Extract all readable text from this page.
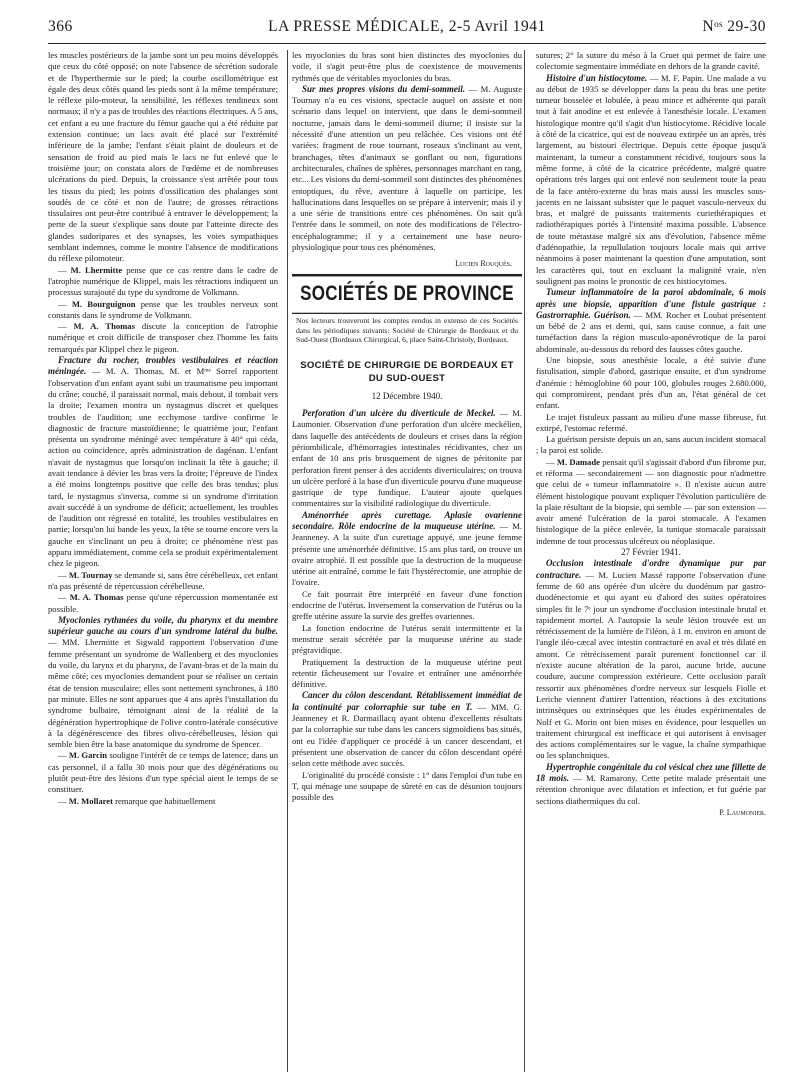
366	LA PRESSE MÉDICALE, 2-5 Avril 1941	Nᵒˢ 29-30

les muscles postérieurs de la jambe sont un peu moins développés que ceux du côté opposé; on note l'absence de sécrétion sudorale et de l'hyperthermie sur le pied; la courbe oscillométrique est égale des deux côtés quand les pieds sont à la même température; le réflexe pilo-moteur, la sensibilité, les réflexes tendineux sont normaux; il n'y a pas de troubles des réactions électriques. A 5 ans, cet enfant a eu une fracture du fémur gauche qui a été réduite par extension continue; un lacs avait été placé sur l'extrémité inférieure de la jambe; l'enfant s'était plaint de douleurs et de sensation de froid au pied mais le lacs ne fut enlevé que le troisième jour; on constata alors de l'œdème et de nombreuses ulcérations du pied. Depuis, la croissance s'est arrêtée pour tous les tissus du pied; les points d'ossification des phalanges sont soudés de ce côté et non de l'autre; de grosses rétractions tissulaires ont peut-être contribué à entraver le développement; la perte de la sueur s'explique sans doute par l'atteinte directe des glandes sudoripares et des synapses, les voies sympathiques semblant indemnes, comme le montre l'absence de modifications du réflexe pilomoteur.

— M. Lhermitte pense que ce cas rentre dans le cadre de l'atrophie numérique de Klippel, mais les rétractions indiquent un processus surajouté du type du syndrome de Volkmann.

— M. Bourguignon pense que les troubles nerveux sont constants dans le syndrome de Volkmann.

— M. A. Thomas discute la conception de l'atrophie numérique et croit difficile de transposer chez l'homme les faits remarqués par Klippel chez le pigeon.

Fracture du rocher, troubles vestibulaires et réaction méningée. — M. A. Thomas, M. et Mᵐᵉ Sorrel rapportent l'observation d'un enfant ayant subi un traumatisme peu important du crâne; couché, il paraissait normal, mais debout, il tombait vers la droite; l'examen montra un nystagmus discret et quelques troubles de l'audition; une ecchymose tardive confirme le diagnostic de fracture mastoïdienne; le quatrième jour, l'enfant présenta un syndrome méningé avec température à 40° qui céda, action ou coïncidence, après administration de dagénan. L'enfant n'avait de nystagmus que lorsqu'on inclinait la tête à gauche; il avait tendance à dévier les bras vers la droite; l'épreuve de l'index a été moins longtemps positive que celle des bras tendus; plus tard, le nystagmus s'inversa, comme si un syndrome d'irritation avait succédé à un syndrome de déficit; actuellement, les troubles de l'audition ont régressé en totalité, les troubles vestibulaires en partie; lorsqu'on lui bande les yeux, la tête se tourne encore vers la gauche en s'inclinant un peu à droite; ce phénomène n'est pas apparu immédiatement, comme cela se produit expérimentalement chez le pigeon.

— M. Tournay se demande si, sans être cérébelleux, cet enfant n'a pas présenté de répercussion cérébelleuse.

— M. A. Thomas pense qu'une répercussion momentanée est possible.

Myoclonies rythmées du voile, du pharynx et du membre supérieur gauche au cours d'un syndrome latéral du bulbe. — MM. Lhermitte et Sigwald rapportent l'observation d'une femme présentant un syndrome de Wallenberg et des myoclonies du voile, du larynx et du pharynx, de l'avant-bras et de la main du même côté; ces myoclonies demandent pour se réaliser un certain état de tension musculaire; elles sont nettement synchrones, à 180 par minute. Elles ne sont apparues que 4 ans après l'installation du syndrome bulbaire, témoignant ainsi de la réalité de la dégénération hypertrophique de l'olive contro-latérale consécutive à la dégénérescence des fibres olivo-cérébelleuses, lésion qui semble bien être la base anatomique du syndrome de Spencer.

— M. Garcin souligne l'intérêt de ce temps de latence; dans un cas personnel, il a fallu 30 mois pour que des dégénérations ou plutôt peut-être des lésions d'un type spécial aient le temps de se constituer.

— M. Mollaret remarque que habituellement

les myoclonies du bras sont bien distinctes des myoclonies du voile, il s'agit peut-être plus de coexistence de mouvements rythmés que de véritables myoclonies du bras.

Sur mes propres visions du demi-sommeil. — M. Auguste Tournay n'a eu ces visions, spectacle auquel on assiste et non scénario dans lequel on intervient, que dans le demi-sommeil nocturne, jamais dans le demi-sommeil diurne; il insiste sur la nécessité d'une attention un peu relâchée. Ces visions ont été variées: fragment de roue tournant, roseaux s'inclinant au vent, branchages, têtes d'animaux se gonflant ou non, figurations architecturales, chaînes de sphères, personnages marchant en rang, etc... Les visions du demi-sommeil sont distinctes des phénomènes entoptiques, du rêve, aventure à laquelle on participe, les hallucinations dans lesquelles on se prépare à intervenir; mais il y a une série de transitions entre ces phénomènes. On sait qu'à l'entrée dans le sommeil, on note des modifications de l'électro-encéphalogramme; il y a certainement une base neuro-physiologique pour tous ces phénomènes.

Lucien Rouquès.
SOCIÉTÉS DE PROVINCE
Nos lecteurs trouveront les comptes rendus in extenso de ces Sociétés dans les périodiques suivants: Société de Chirurgie de Bordeaux et du Sud-Ouest (Bordeaux Chirurgical, 6, place Saint-Christoly, Bordeaux.
SOCIÉTÉ DE CHIRURGIE DE BORDEAUX ET DU SUD-OUEST
12 Décembre 1940.

Perforation d'un ulcère du diverticule de Meckel. — M. Laumonier. Observation d'une perforation d'un ulcère meckélien, dans laquelle des antécédents de douleurs et crises dans la région périombilicale, d'hémorragies intestinales récidivantes, chez un enfant de 10 ans pris brusquement de signes de péritonite par perforation firent penser à des accidents diverticulaires; on trouva un ulcère perforé à la base d'un diverticule pourvu d'une muqueuse gastrique de type fundique. L'auteur ajoute quelques commentaires sur la visibilité radiologique du diverticule.

Aménorrhée après curettage. Aplasie ovarienne secondaire. Rôle endocrine de la muqueuse utérine. — M. Jeanneney. A la suite d'un curettage appuyé, une jeune femme présente une aménorrhée définitive. 15 ans plus tard, on trouve un ovaire atrophié. Il est possible que la destruction de la muqueuse utérine ait entraîné, comme le fait l'hystérectomie, une atrophie de l'ovaire.

Ce fait pourrait être interprété en faveur d'une fonction endocrine de l'utérus. Inversement la conservation de l'utérus ou la greffe utérine assure la survie des greffes ovariennes.

La fonction endocrine de l'utérus serait intermittente et la menstrue serait sécrétée par la muqueuse utérine au stade prégravidique.

Pratiquement la destruction de la muqueuse utérine peut retentir fâcheusement sur l'ovaire et entraîner une aménorrhée définitive.

Cancer du côlon descendant. Rétablissement immédiat de la continuité par colorraphie sur tube en T. — MM. G. Jeanneney et R. Darmaillacq ayant obtenu d'excellents résultats par la colorraphie sur tube dans les cancers sigmoïdiens bas situés, ont eu l'idée d'appliquer ce procédé à un cancer descendant, et présentent une observation de cancer du côlon descendant opéré selon cette méthode avec succès.

L'originalité du procédé consiste : 1° dans l'emploi d'un tube en T, qui ménage une soupape de sûreté en cas de désunion toujours possible des

sutures; 2° la suture du méso à la Cruet qui permet de faire une colectomie segmentaire immédiate en dehors de la grande cavité.

Histoire d'un histiocytome. — M. F. Papin. Une malade a vu au début de 1935 se développer dans la peau du bras une petite tumeur bosselée et lobulée, à peau mince et adhérente qui paraît tout à fait anodine et est enlevée à l'anesthésie locale. L'examen histologique montre qu'il s'agit d'un histiocytome. Récidive locale à côté de la cicatrice, qui est de nouveau extirpée un an après, très largement, au bistouri électrique. Depuis cette époque jusqu'à maintenant, la tumeur a constamment récidivé, toujours sous la même forme, à côté de la cicatrice précédente, malgré quatre opérations très larges qui ont enlevé non seulement toute la peau de la face antéro-externe du bras mais aussi les muscles sous-jacents en ne laissant subsister que le paquet vasculo-nerveux du bras, et malgré de puissants traitements curiethérapiques et radiothérapiques portés à l'intensité maxima possible. L'absence de toute métastase malgré six ans d'évolution, l'absence même d'adénopathie, la repullulation toujours locale mais qui arrive néanmoins à poser maintenant la question d'une amputation, sont les caractères qui, tout en excluant la malignité vraie, n'en soulignent pas moins le pronostic de ces histiocytomes.

Tumeur inflammatoire de la paroi abdominale, 6 mois après une biopsie, apparition d'une fistule gastrique : Gastrorraphie. Guérison. — MM. Rocher et Loubat présentent un bébé de 2 ans et demi, qui, sans cause connue, a fait une tuméfaction dans la région musculo-aponévrotique de la paroi abdominale, au-dessous du rebord des fausses côtes gauche.

Une biopsie, sous anesthésie locale, a été suivie d'une fistulisation, simple d'abord, gastrique ensuite, et d'un syndrome d'anémie : hémoglobine 60 pour 100, globules rouges 2.680.000, qui compromirent, pendant près d'un an, l'état général de cet enfant.

Le trajet fistuleux passant au milieu d'une masse fibreuse, fut extirpé, l'estomac refermé.

La guérison persiste depuis un an, sans aucun incident stomacal ; la paroi est solide.

— M. Damade pensait qu'il s'agissait d'abord d'un fibrome pur, et réforma — secondairement — son diagnostic pour n'admettre que celui de « tumeur inflammatoire ». Il n'existe aucun autre élément histologique pouvant expliquer l'évolution particulière de la plaie résultant de la biopsie, qui semble — par son extension — avoir amené l'ulcération de la paroi stomacale. A l'examen histologique de la pièce enlevée, la tunique stomacale paraissait indemne de tout processus ulcéreux ou néoplasique.

27 Février 1941.

Occlusion intestinale d'ordre dynamique pur par contracture. — M. Lucien Massé rapporte l'observation d'une femme de 60 ans opérée d'un ulcère du duodénum par gastro-duodénectomie et qui ayant eu d'abord des suites opératoires simples fit le 7ᵉ jour un syndrome d'occlusion intestinale brutal et rapidement mortel. A l'autopsie la seule lésion trouvée est un rétrécissement de la lumière de l'iléon, à 1 m. environ en amont de l'angle iléo-cæcal avec intestin contracturé en aval et très dilaté en amont. Ce rétrécissement paraît purement fonctionnel car il n'existe aucune altération de la paroi, aucune bride, aucune coudure, aucune compression extérieure. Cette occlusion paraît ressortir aux phénomènes d'ordre nerveux sur lesquels Fiolle et Leriche viennent d'attirer l'attention, réactions à des excitations intrinsèques ou extrinsèques que les études expérimentales de Nolf et G. Morin ont bien mises en évidence, pour lesquelles un traitement chirurgical est inefficace et qui autorisent à envisager des actions complémentaires sur le vague, la chaîne sympathique ou les splanchniques.

Hypertrophie congénitale du col vésical chez une fillette de 18 mois. — M. Ramarony. Cette petite malade présentait une rétention chronique avec dilatation et infection, et fut guérie par sections diathermiques du col.

P. Laumonier.
